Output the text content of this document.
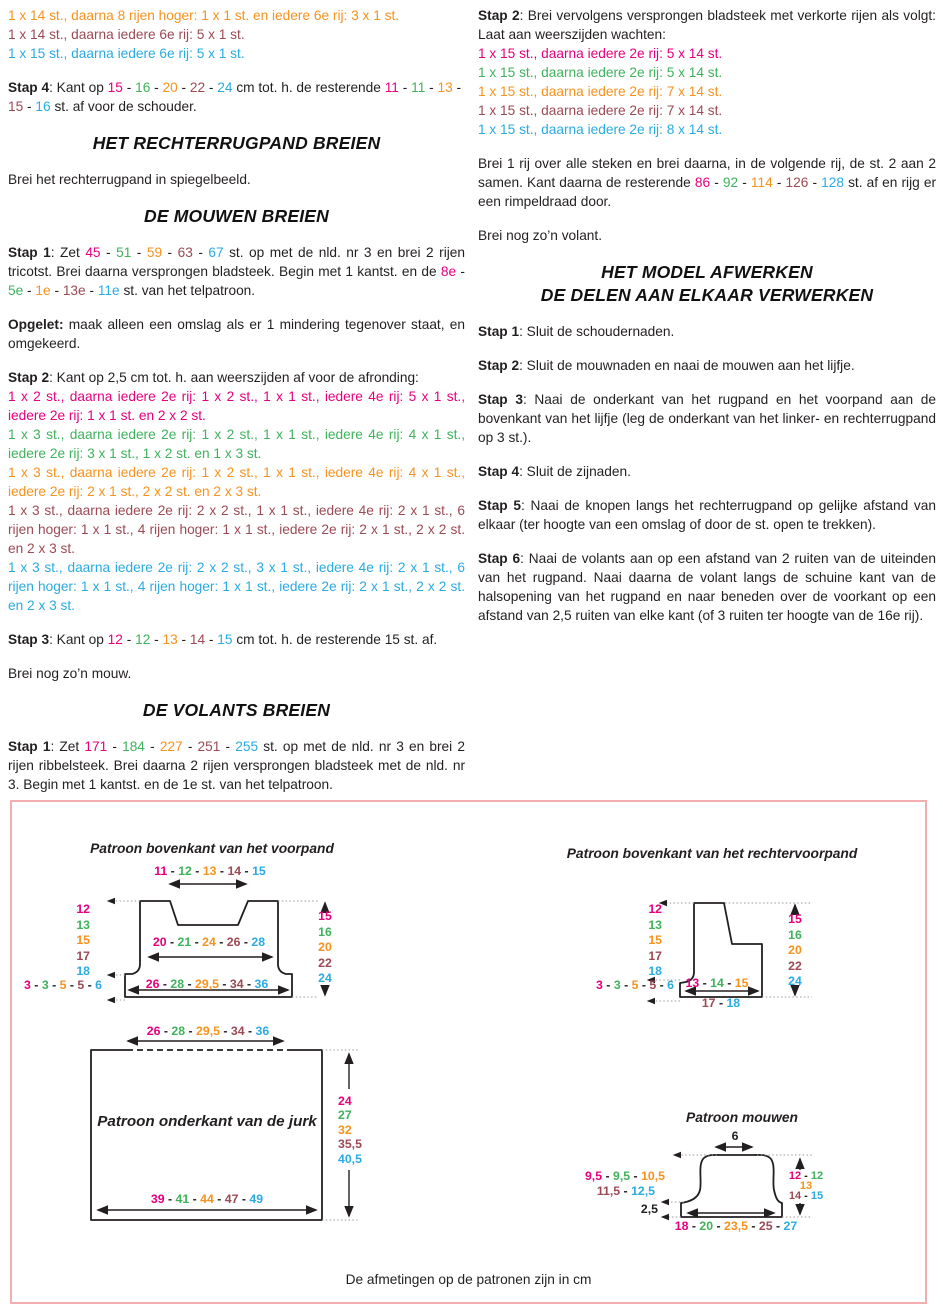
1 x 14 st., daarna 8 rijen hoger: 1 x 1 st. en iedere 6e rij: 3 x 1 st.
1 x 14 st., daarna iedere 6e rij: 5 x 1 st.
1 x 15 st., daarna iedere 6e rij: 5 x 1 st.

Stap 4: Kant op 15 - 16 - 20 - 22 - 24 cm tot. h. de resterende 11 - 11 - 13 - 15 - 16 st. af voor de schouder.

HET RECHTERRUGPAND BREIEN

Brei het rechterrugpand in spiegelbeeld.

DE MOUWEN BREIEN

Stap 1: Zet 45 - 51 - 59 - 63 - 67 st. op met de nld. nr 3 en brei 2 rijen tricotst. Brei daarna versprongen bladsteek. Begin met 1 kantst. en de 8e - 5e - 1e - 13e - 11e st. van het telpatroon.

Opgelet: maak alleen een omslag als er 1 mindering tegenover staat, en omgekeerd.

Stap 2: Kant op 2,5 cm tot. h. aan weerszijden af voor de afronding:
1 x 2 st., daarna iedere 2e rij: 1 x 2 st., 1 x 1 st., iedere 4e rij: 5 x 1 st., iedere 2e rij: 1 x 1 st. en 2 x 2 st.
1 x 3 st., daarna iedere 2e rij: 1 x 2 st., 1 x 1 st., iedere 4e rij: 4 x 1 st., iedere 2e rij: 3 x 1 st., 1 x 2 st. en 1 x 3 st.
1 x 3 st., daarna iedere 2e rij: 1 x 2 st., 1 x 1 st., iedere 4e rij: 4 x 1 st., iedere 2e rij: 2 x 1 st., 2 x 2 st. en 2 x 3 st.
1 x 3 st., daarna iedere 2e rij: 2 x 2 st., 1 x 1 st., iedere 4e rij: 2 x 1 st., 6 rijen hoger: 1 x 1 st., 4 rijen hoger: 1 x 1 st., iedere 2e rij: 2 x 1 st., 2 x 2 st. en 2 x 3 st.
1 x 3 st., daarna iedere 2e rij: 2 x 2 st., 3 x 1 st., iedere 4e rij: 2 x 1 st., 6 rijen hoger: 1 x 1 st., 4 rijen hoger: 1 x 1 st., iedere 2e rij: 2 x 1 st., 2 x 2 st. en 2 x 3 st.

Stap 3: Kant op 12 - 12 - 13 - 14 - 15 cm tot. h. de resterende 15 st. af.

Brei nog zo’n mouw.

DE VOLANTS BREIEN

Stap 1: Zet 171 - 184 - 227 - 251 - 255 st. op met de nld. nr 3 en brei 2 rijen ribbelsteek. Brei daarna 2 rijen versprongen bladsteek met de nld. nr 3. Begin met 1 kantst. en de 1e st. van het telpatroon.

Stap 2: Brei vervolgens versprongen bladsteek met verkorte rijen als volgt: Laat aan weerszijden wachten:
1 x 15 st., daarna iedere 2e rij: 5 x 14 st.
1 x 15 st., daarna iedere 2e rij: 5 x 14 st.
1 x 15 st., daarna iedere 2e rij: 7 x 14 st.
1 x 15 st., daarna iedere 2e rij: 7 x 14 st.
1 x 15 st., daarna iedere 2e rij: 8 x 14 st.

Brei 1 rij over alle steken en brei daarna, in de volgende rij, de st. 2 aan 2 samen. Kant daarna de resterende 86 - 92 - 114 - 126 - 128 st. af en rijg er een rimpeldraad door.

Brei nog zo’n volant.

HET MODEL AFWERKEN
DE DELEN AAN ELKAAR VERWERKEN

Stap 1: Sluit de schoudernaden.

Stap 2: Sluit de mouwnaden en naai de mouwen aan het lijfje.

Stap 3: Naai de onderkant van het rugpand en het voorpand aan de bovenkant van het lijfje (leg de onderkant van het linker- en rechterrugpand op 3 st.).

Stap 4: Sluit de zijnaden.

Stap 5: Naai de knopen langs het rechterrugpand op gelijke afstand van elkaar (ter hoogte van een omslag of door de st. open te trekken).

Stap 6: Naai de volants aan op een afstand van 2 ruiten van de uiteinden van het rugpand. Naai daarna de volant langs de schuine kant van de halsopening van het rugpand en naar beneden over de voorkant op een afstand van 2,5 ruiten van elke kant (of 3 ruiten ter hoogte van de 16e rij).

Patroon bovenkant van het voorpand
11 - 12 - 13 - 14 - 15
20 - 21 - 24 - 26 - 28
26 - 28 - 29,5 - 34 - 36
12
13
15
17
18
3 - 3 - 5 - 5 - 6
15
16
20
22
24
Patroon bovenkant van het rechtervoorpand
12
13
15
17
18
3 - 3 - 5 - 5 - 6 13 - 14 - 15
17 - 18
15
16
20
22
24
26 - 28 - 29,5 - 34 - 36
Patroon onderkant van de jurk
39 - 41 - 44 - 47 - 49
24
27
32
35,5
40,5
Patroon mouwen
6
9,5 - 9,5 - 10,5
11,5 - 12,5
2,5
12 - 12
13
14 - 15
18 - 20 - 23,5 - 25 - 27
De afmetingen op de patronen zijn in cm
